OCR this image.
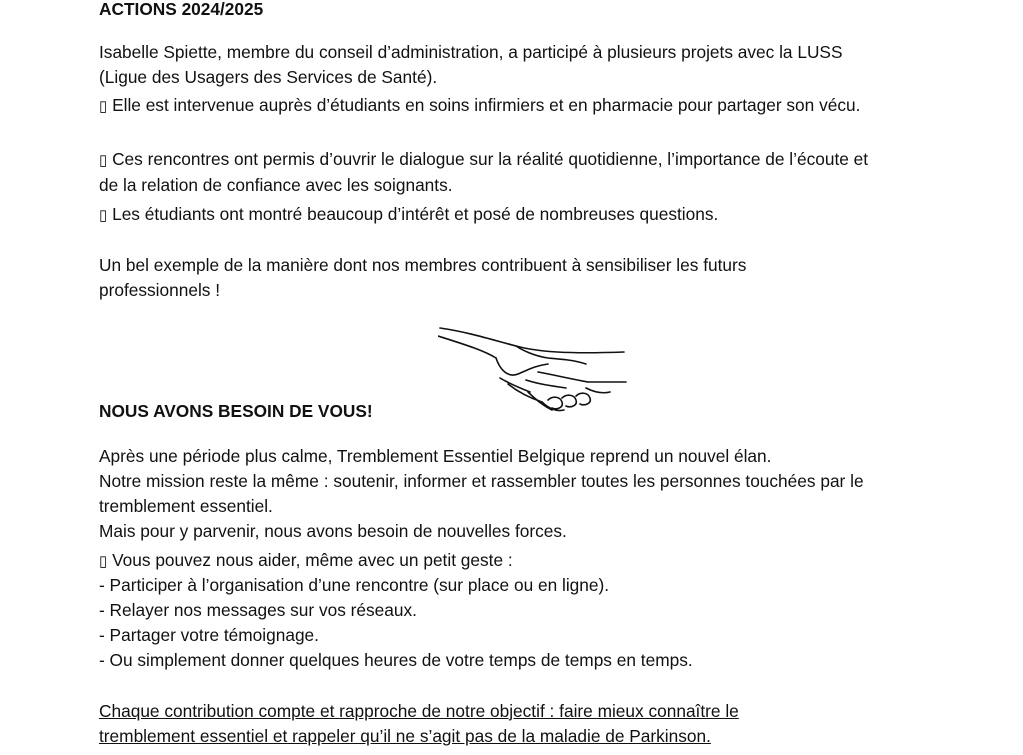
ACTIONS 2024/2025

Isabelle Spiette, membre du conseil d’administration, a participé à plusieurs projets avec la LUSS (Ligue des Usagers des Services de Santé).

▯ Elle est intervenue auprès d’étudiants en soins infirmiers et en pharmacie pour partager son vécu.

▯ Ces rencontres ont permis d’ouvrir le dialogue sur la réalité quotidienne, l’importance de l’écoute et de la relation de confiance avec les soignants.

▯ Les étudiants ont montré beaucoup d’intérêt et posé de nombreuses questions.

Un bel exemple de la manière dont nos membres contribuent à sensibiliser les futurs professionnels !

NOUS AVONS BESOIN DE VOUS!

Après une période plus calme, Tremblement Essentiel Belgique reprend un nouvel élan.

Notre mission reste la même : soutenir, informer et rassembler toutes les personnes touchées par le tremblement essentiel.

Mais pour y parvenir, nous avons besoin de nouvelles forces.

▯ Vous pouvez nous aider, même avec un petit geste :

- Participer à l’organisation d’une rencontre (sur place ou en ligne).

- Relayer nos messages sur vos réseaux.

- Partager votre témoignage.

- Ou simplement donner quelques heures de votre temps de temps en temps.

Chaque contribution compte et rapproche de notre objectif : faire mieux connaître le tremblement essentiel et rappeler qu’il ne s’agit pas de la maladie de Parkinson.
